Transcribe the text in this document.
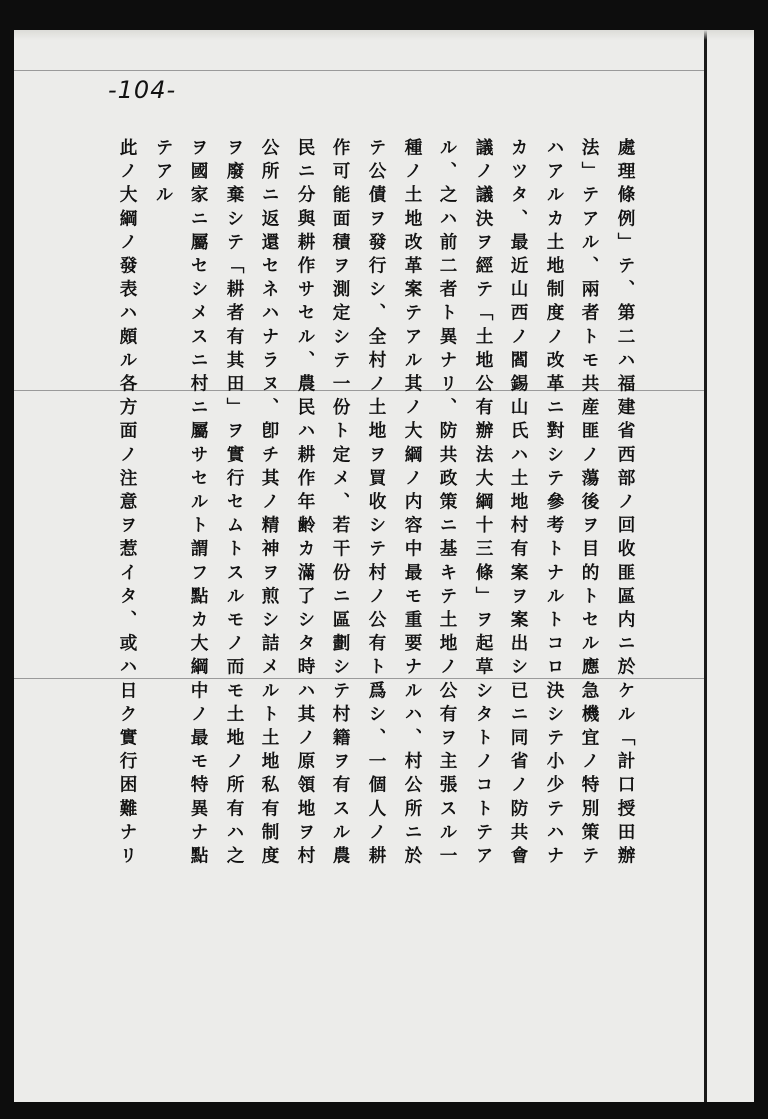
-104-
處理條例」テ、第二ハ福建省西部ノ回收匪區内ニ於ケル「計口授田辦
法」テアル、兩者トモ共産匪ノ蕩後ヲ目的トセル應急機宜ノ特別策テ
ハアルカ土地制度ノ改革ニ對シテ參考トナルトコロ決シテ小少テハナ
カツタ、最近山西ノ閻錫山氏ハ土地村有案ヲ案出シ已ニ同省ノ防共會
議ノ議決ヲ經テ「土地公有辦法大綱十三條」ヲ起草シタトノコトテア
ル、之ハ前二者ト異ナリ、防共政策ニ基キテ土地ノ公有ヲ主張スル一
種ノ土地改革案テアル其ノ大綱ノ内容中最モ重要ナルハ、村公所ニ於
テ公債ヲ發行シ、全村ノ土地ヲ買收シテ村ノ公有ト爲シ、一個人ノ耕
作可能面積ヲ測定シテ一份ト定メ、若干份ニ區劃シテ村籍ヲ有スル農
民ニ分與耕作サセル、農民ハ耕作年齢カ滿了シタ時ハ其ノ原領地ヲ村
公所ニ返還セネハナラヌ、卽チ其ノ精神ヲ煎シ詰メルト土地私有制度
ヲ廢棄シテ「耕者有其田」ヲ實行セムトスルモノ而モ土地ノ所有ハ之
ヲ國家ニ屬セシメスニ村ニ屬サセルト謂フ點カ大綱中ノ最モ特異ナ點
テアル
此ノ大綱ノ發表ハ頗ル各方面ノ注意ヲ惹イタ、或ハ日ク實行困難ナリ
